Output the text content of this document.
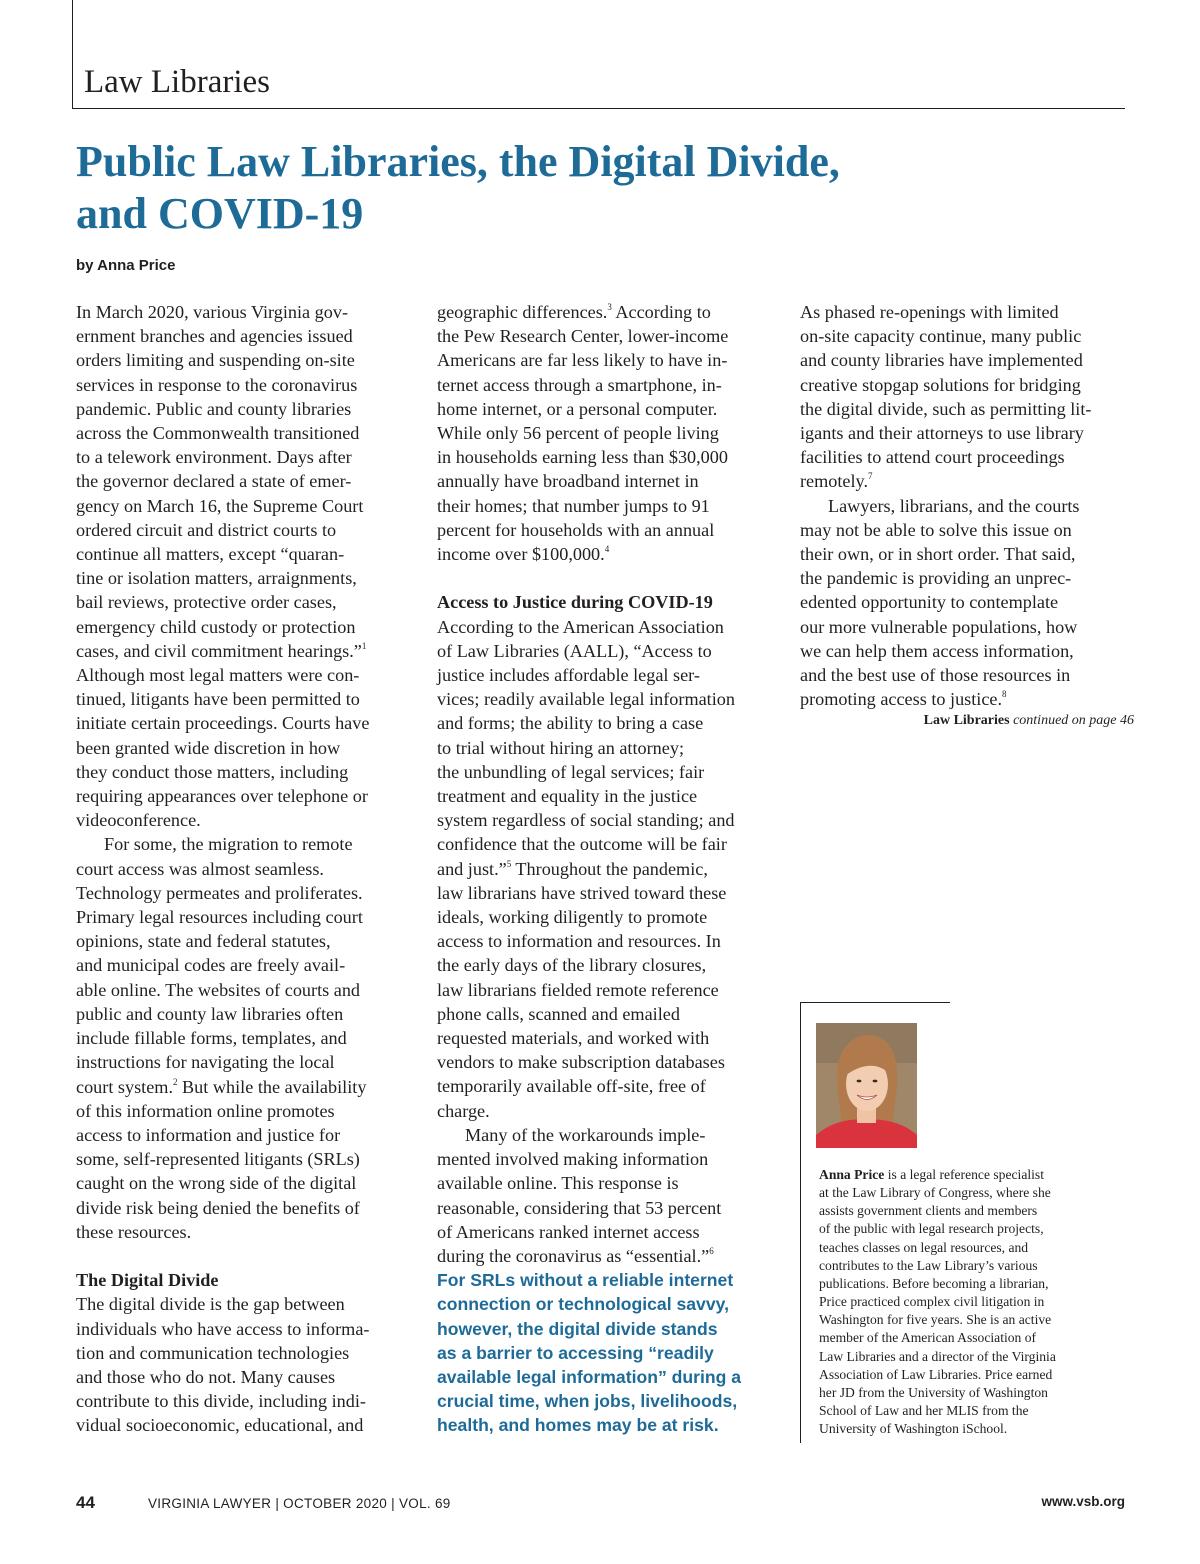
Law Libraries
Public Law Libraries, the Digital Divide,
and COVID-19
by Anna Price
In March 2020, various Virginia gov-
ernment branches and agencies issued
orders limiting and suspending on-site
services in response to the coronavirus
pandemic. Public and county libraries
across the Commonwealth transitioned
to a telework environment. Days after
the governor declared a state of emer-
gency on March 16, the Supreme Court
ordered circuit and district courts to
continue all matters, except “quaran-
tine or isolation matters, arraignments,
bail reviews, protective order cases,
emergency child custody or protection
cases, and civil commitment hearings.”$^1$
Although most legal matters were con-
tinued, litigants have been permitted to
initiate certain proceedings. Courts have
been granted wide discretion in how
they conduct those matters, including
requiring appearances over telephone or
videoconference.
For some, the migration to remote
court access was almost seamless.
Technology permeates and proliferates.
Primary legal resources including court
opinions, state and federal statutes,
and municipal codes are freely avail-
able online. The websites of courts and
public and county law libraries often
include fillable forms, templates, and
instructions for navigating the local
court system.$^2$ But while the availability
of this information online promotes
access to information and justice for
some, self-represented litigants (SRLs)
caught on the wrong side of the digital
divide risk being denied the benefits of
these resources.
The Digital Divide
The digital divide is the gap between
individuals who have access to informa-
tion and communication technologies
and those who do not. Many causes
contribute to this divide, including indi-
vidual socioeconomic, educational, and
geographic differences.$^3$ According to
the Pew Research Center, lower-income
Americans are far less likely to have in-
ternet access through a smartphone, in-
home internet, or a personal computer.
While only 56 percent of people living
in households earning less than $30,000
annually have broadband internet in
their homes; that number jumps to 91
percent for households with an annual
income over $100,000.$^4$
Access to Justice during COVID-19
According to the American Association
of Law Libraries (AALL), “Access to
justice includes affordable legal ser-
vices; readily available legal information
and forms; the ability to bring a case
to trial without hiring an attorney;
the unbundling of legal services; fair
treatment and equality in the justice
system regardless of social standing; and
confidence that the outcome will be fair
and just.”$^5$ Throughout the pandemic,
law librarians have strived toward these
ideals, working diligently to promote
access to information and resources. In
the early days of the library closures,
law librarians fielded remote reference
phone calls, scanned and emailed
requested materials, and worked with
vendors to make subscription databases
temporarily available off-site, free of
charge.
Many of the workarounds imple-
mented involved making information
available online. This response is
reasonable, considering that 53 percent
of Americans ranked internet access
during the coronavirus as “essential.”$^6$
For SRLs without a reliable internet
connection or technological savvy,
however, the digital divide stands
as a barrier to accessing “readily
available legal information” during a
crucial time, when jobs, livelihoods,
health, and homes may be at risk.
As phased re-openings with limited
on-site capacity continue, many public
and county libraries have implemented
creative stopgap solutions for bridging
the digital divide, such as permitting lit-
igants and their attorneys to use library
facilities to attend court proceedings
remotely.$^7$
Lawyers, librarians, and the courts
may not be able to solve this issue on
their own, or in short order. That said,
the pandemic is providing an unprec-
edented opportunity to contemplate
our more vulnerable populations, how
we can help them access information,
and the best use of those resources in
promoting access to justice.$^8$
Law Libraries continued on page 46
Anna Price is a legal reference specialist
at the Law Library of Congress, where she
assists government clients and members
of the public with legal research projects,
teaches classes on legal resources, and
contributes to the Law Library’s various
publications. Before becoming a librarian,
Price practiced complex civil litigation in
Washington for five years. She is an active
member of the American Association of
Law Libraries and a director of the Virginia
Association of Law Libraries. Price earned
her JD from the University of Washington
School of Law and her MLIS from the
University of Washington iSchool.
44	VIRGINIA LAWYER | OCTOBER 2020 | VOL. 69	www.vsb.org
